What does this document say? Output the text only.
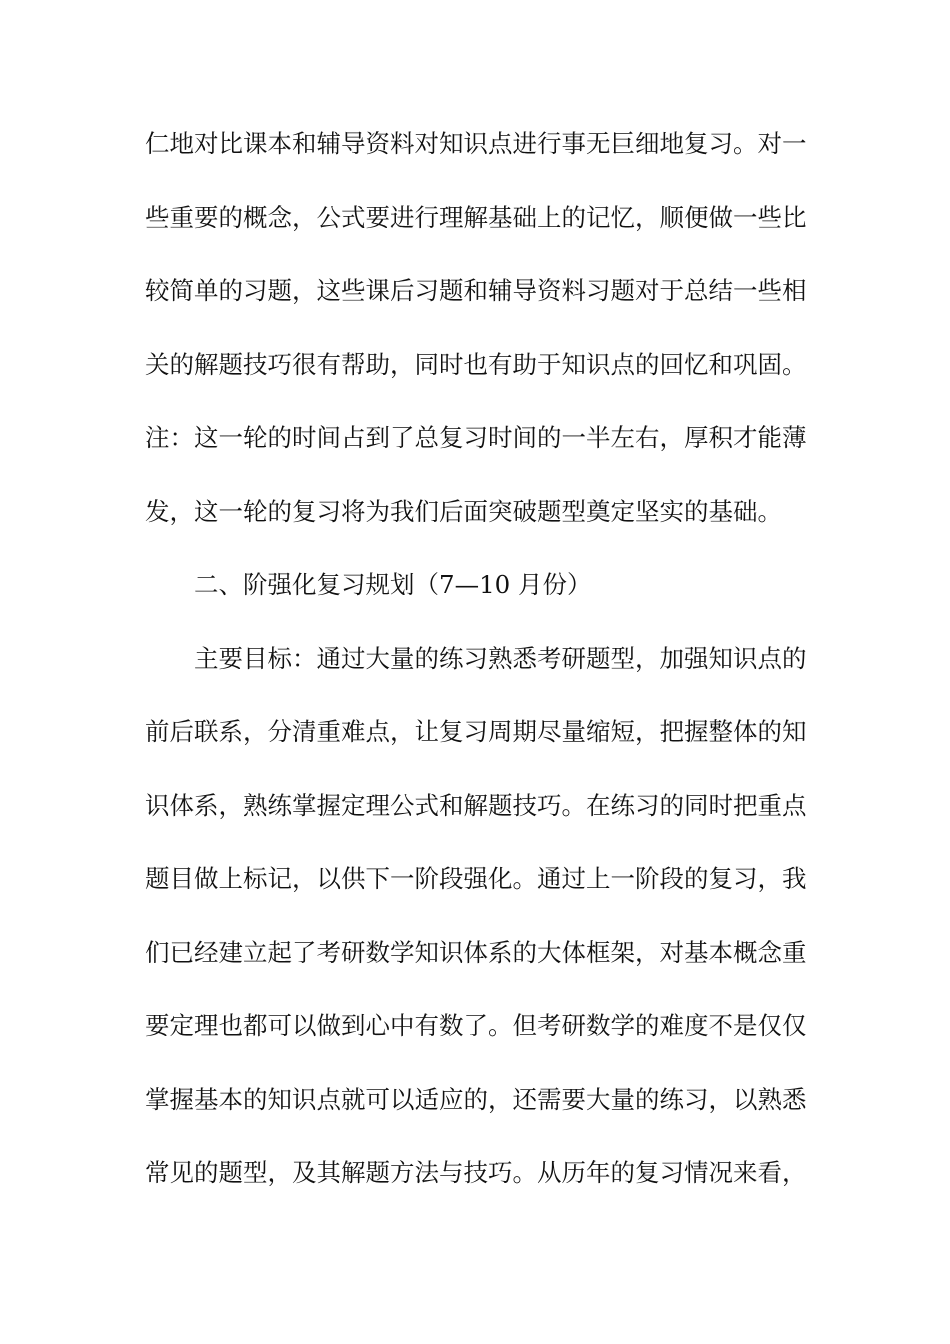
仁地对比课本和辅导资料对知识点进行事无巨细地复习。对一
些重要的概念，公式要进行理解基础上的记忆，顺便做一些比
较简单的习题，这些课后习题和辅导资料习题对于总结一些相
关的解题技巧很有帮助，同时也有助于知识点的回忆和巩固。
注：这一轮的时间占到了总复习时间的一半左右，厚积才能薄
发，这一轮的复习将为我们后面突破题型奠定坚实的基础。
二、阶强化复习规划（7—10 月份）
主要目标：通过大量的练习熟悉考研题型，加强知识点的
前后联系，分清重难点，让复习周期尽量缩短，把握整体的知
识体系，熟练掌握定理公式和解题技巧。在练习的同时把重点
题目做上标记，以供下一阶段强化。通过上一阶段的复习，我
们已经建立起了考研数学知识体系的大体框架，对基本概念重
要定理也都可以做到心中有数了。但考研数学的难度不是仅仅
掌握基本的知识点就可以适应的，还需要大量的练习，以熟悉
常见的题型，及其解题方法与技巧。从历年的复习情况来看，
